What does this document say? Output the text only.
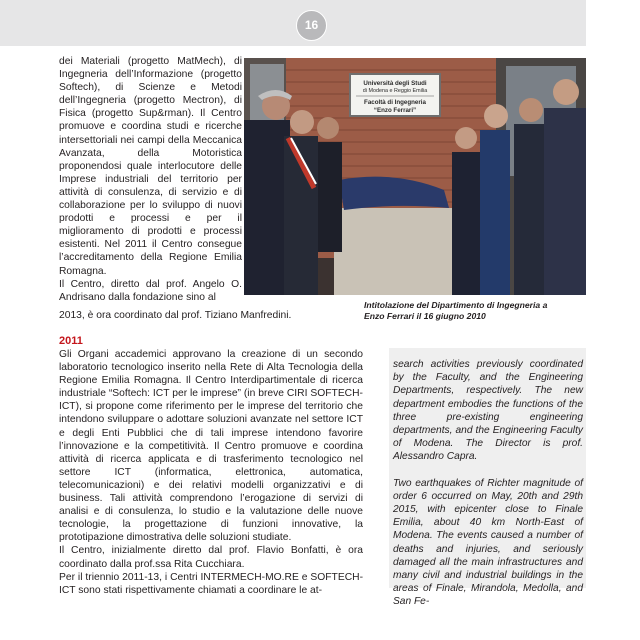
16

dei Materiali (progetto MatMech), di Ingegneria dell’Informazione (progetto Softech), di Scienze e Metodi dell’Ingegneria (progetto Mectron), di Fisica (progetto Sup&rman). Il Centro promuove e coordina studi e ricerche intersettoriali nei campi della Meccanica Avanzata, della Motoristica proponendosi quale interlocutore delle Imprese industriali del territorio per attività di consulenza, di servizio e di collaborazione per lo sviluppo di nuovi prodotti e processi e per il miglioramento di prodotti e processi esistenti. Nel 2011 il Centro consegue l’accreditamento della Regione Emilia Romagna.

Il Centro, diretto dal prof. Angelo O. Andrisano dalla fondazione sino al

Università degli Studi
di Modena e Reggio Emilia
Facoltà di Ingegneria
“Enzo Ferrari”
Intitolazione del Dipartimento di Ingegneria a Enzo Ferrari il 16 giugno 2010
2013, è ora coordinato dal prof. Tiziano Manfredini.
2011

Gli Organi accademici approvano la creazione di un secondo laboratorio tecnologico inserito nella Rete di Alta Tecnologia della Regione Emilia Romagna. Il Centro Interdipartimentale di ricerca industriale “Softech: ICT per le imprese” (in breve CIRI SOFTECH-ICT), si propone come riferimento per le imprese del territorio che intendono sviluppare o adottare soluzioni avanzate nel settore ICT e degli Enti Pubblici che di tali imprese intendono favorire l’innovazione e la competitività. Il Centro promuove e coordina attività di ricerca applicata e di trasferimento tecnologico nel settore ICT (informatica, elettronica, automatica, telecomunicazioni) e dei relativi modelli organizzativi e di business. Tali attività comprendono l’erogazione di servizi di analisi e di consulenza, lo studio e la valutazione delle nuove tecnologie, la progettazione di funzioni innovative, la prototipazione dimostrativa delle soluzioni studiate.

Il Centro, inizialmente diretto dal prof. Flavio Bonfatti, è ora coordinato dalla prof.ssa Rita Cucchiara.

Per il triennio 2011-13, i Centri INTERMECH-MO.RE e SOFTECH-ICT sono stati rispettivamente chiamati a coordinare le at-

search activities previously coordinated by the Faculty, and the Engineering Departments, respectively. The new department embodies the functions of the three pre-existing engineering departments, and the Engineering Faculty of Modena. The Director is prof. Alessandro Capra.

Two earthquakes of Richter magnitude of order 6 occurred on May, 20th and 29th 2015, with epicenter close to Finale Emilia, about 40 km North-East of Modena. The events caused a number of deaths and injuries, and seriously damaged all the main infrastructures and many civil and industrial buildings in the areas of Finale, Mirandola, Medolla, and San Fe-
